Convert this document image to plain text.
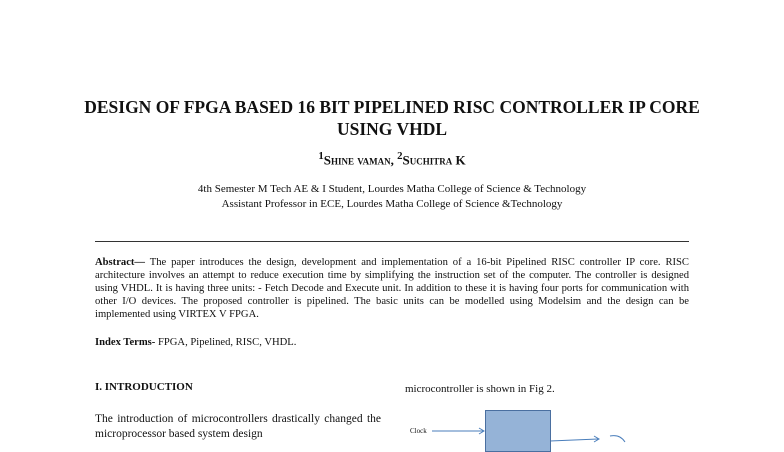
DESIGN OF FPGA BASED 16 BIT PIPELINED RISC CONTROLLER IP CORE USING VHDL
$^1$Shine vaman, $^2$Suchitra K
4th Semester M Tech AE & I Student, Lourdes Matha College of Science & Technology
Assistant Professor in ECE, Lourdes Matha College of Science &Technology
Abstract— The paper introduces the design, development and implementation of a 16-bit Pipelined RISC controller IP core. RISC architecture involves an attempt to reduce execution time by simplifying the instruction set of the computer. The controller is designed using VHDL. It is having three units: - Fetch Decode and Execute unit. In addition to these it is having four ports for communication with other I/O devices. The proposed controller is pipelined. The basic units can be modelled using Modelsim and the design can be implemented using VIRTEX V FPGA.
Index Terms- FPGA, Pipelined, RISC, VHDL.
I. INTRODUCTION
The introduction of microcontrollers drastically changed the microprocessor based system design
microcontroller is shown in Fig 2.
Clock
